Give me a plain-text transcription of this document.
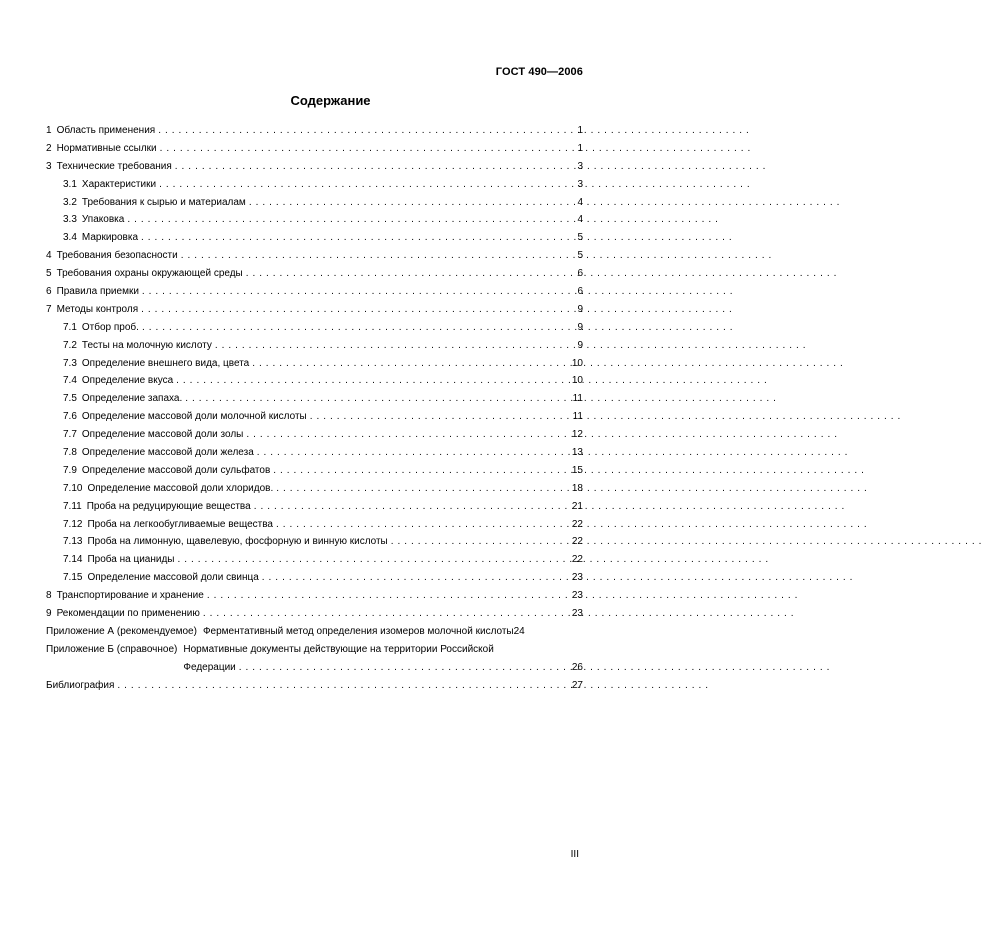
ГОСТ 490—2006
Содержание
1 Область применения . . .	1
2 Нормативные ссылки . . .	1
3 Технические требования . . .	3
3.1 Характеристики . . .	3
3.2 Требования к сырью и материалам . . .	4
3.3 Упаковка . . .	4
3.4 Маркировка . . .	5
4 Требования безопасности . . .	5
5 Требования охраны окружающей среды . . .	6
6 Правила приемки . . .	6
7 Методы контроля . . .	9
7.1 Отбор проб. . . .	9
7.2 Тесты на молочную кислоту . . .	9
7.3 Определение внешнего вида, цвета . . .	10
7.4 Определение вкуса . . .	10
7.5 Определение запаха. . . .	11
7.6 Определение массовой доли молочной кислоты . . .	11
7.7 Определение массовой доли золы . . .	12
7.8 Определение массовой доли железа . . .	13
7.9 Определение массовой доли сульфатов . . .	15
7.10 Определение массовой доли хлоридов. . . .	18
7.11 Проба на редуцирующие вещества . . .	21
7.12 Проба на легкообугливаемые вещества . . .	22
7.13 Проба на лимонную, щавелевую, фосфорную и винную кислоты . . .	22
7.14 Проба на цианиды . . .	22
7.15 Определение массовой доли свинца . . .	23
8 Транспортирование и хранение . . .	23
9 Рекомендации по применению . . .	23
Приложение А (рекомендуемое) Ферментативный метод определения изомеров молочной кислоты 24
Приложение Б (справочное) Нормативные документы действующие на территории Российской
Федерации . . .	26
Библиография . . .	27
III
